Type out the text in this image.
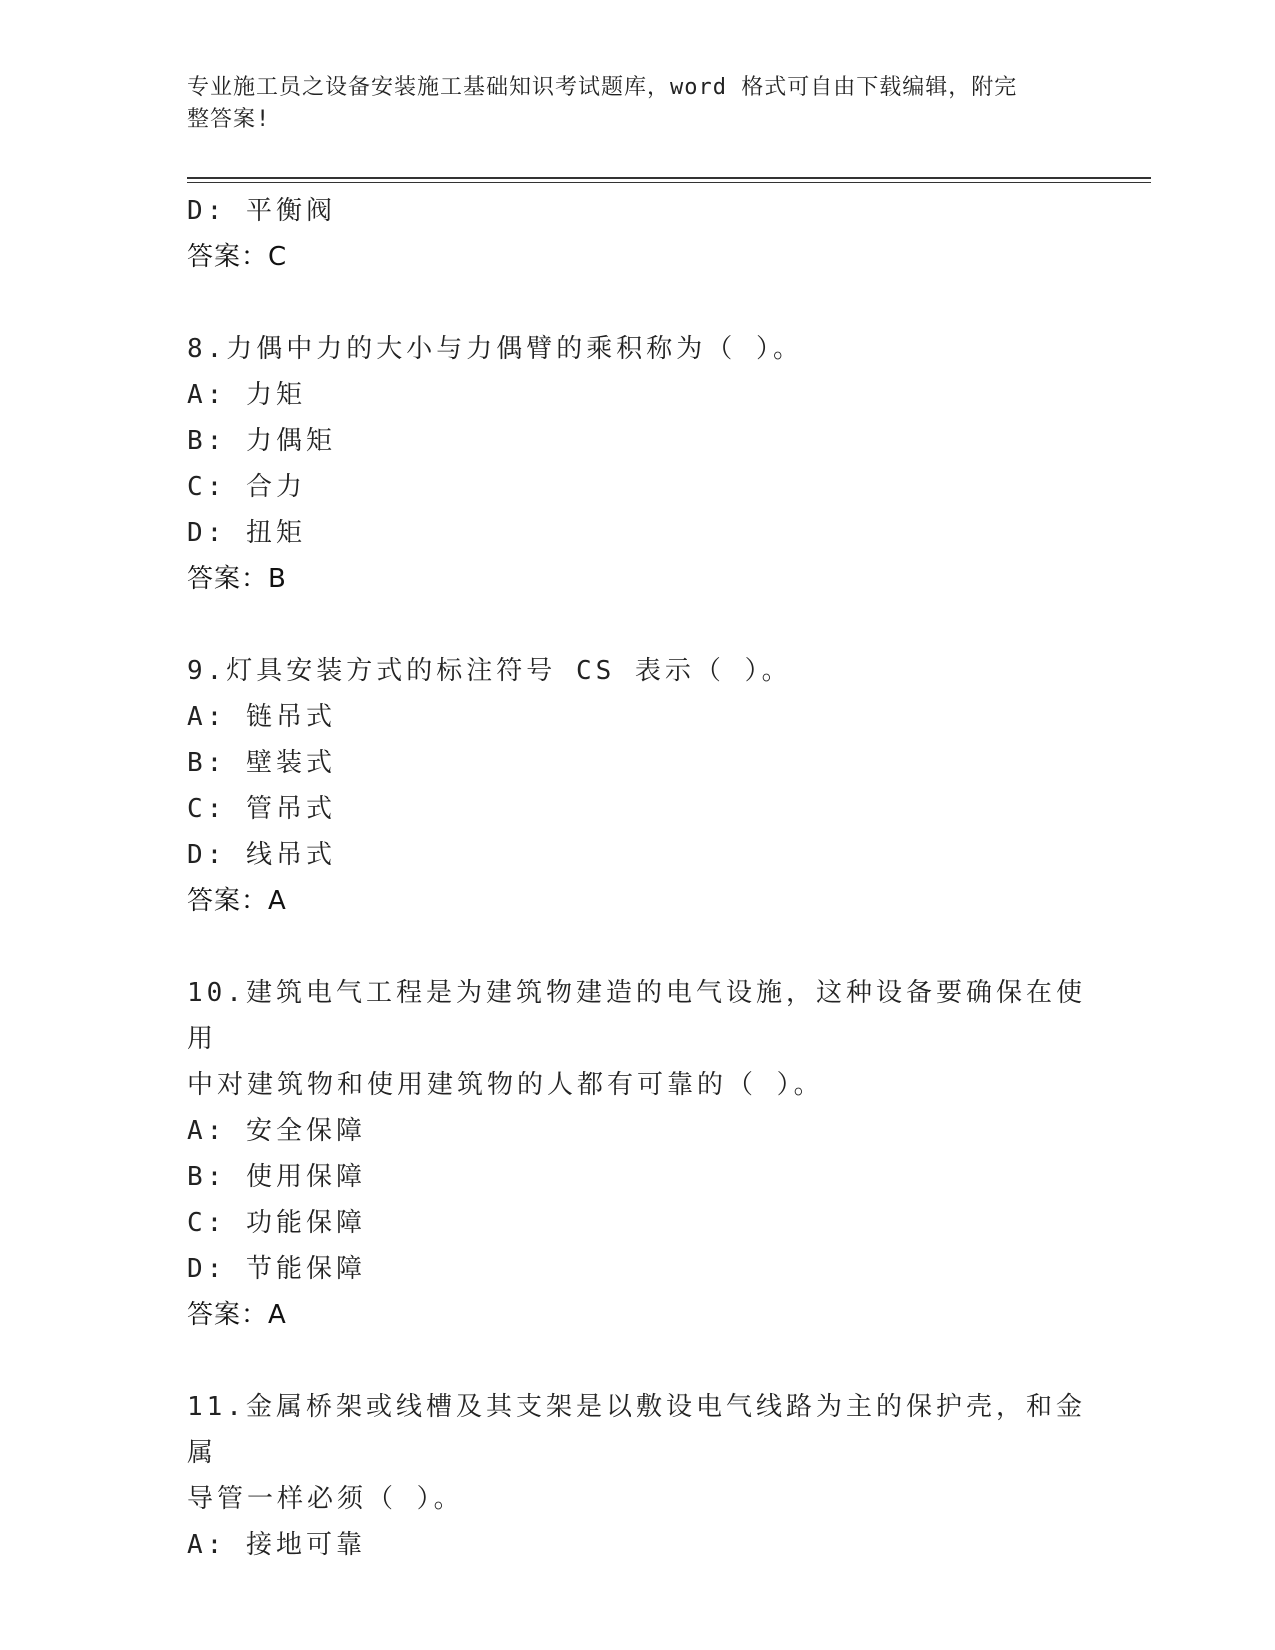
专业施工员之设备安装施工基础知识考试题库，word 格式可自由下载编辑，附完
整答案!
D: 平衡阀
答案：C
8.力偶中力的大小与力偶臂的乘积称为（ ）。
A: 力矩
B: 力偶矩
C: 合力
D: 扭矩
答案：B
9.灯具安装方式的标注符号 CS 表示（ ）。
A: 链吊式
B: 壁装式
C: 管吊式
D: 线吊式
答案：A
10.建筑电气工程是为建筑物建造的电气设施，这种设备要确保在使用
中对建筑物和使用建筑物的人都有可靠的（ ）。
A: 安全保障
B: 使用保障
C: 功能保障
D: 节能保障
答案：A
11.金属桥架或线槽及其支架是以敷设电气线路为主的保护壳，和金属
导管一样必须（ ）。
A: 接地可靠
